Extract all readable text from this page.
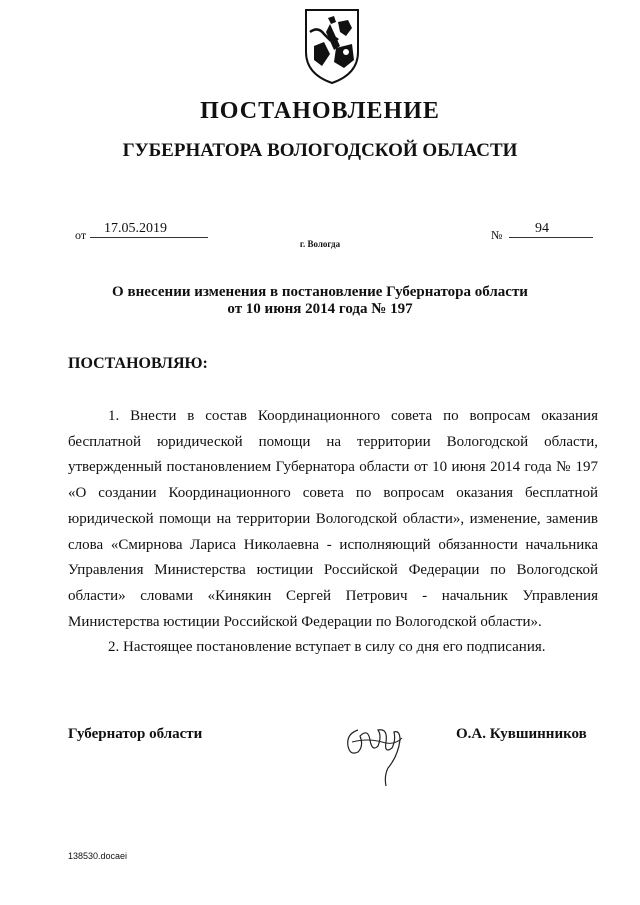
ПОСТАНОВЛЕНИЕ
ГУБЕРНАТОРА ВОЛОГОДСКОЙ ОБЛАСТИ
от	17.05.2019	№	94
г. Вологда
О внесении изменения в постановление Губернатора области
от 10 июня 2014 года № 197
ПОСТАНОВЛЯЮ:

1. Внести в состав Координационного совета по вопросам оказания бесплатной юридической помощи на территории Вологодской области, утвержденный постановлением Губернатора области от 10 июня 2014 года № 197 «О создании Координационного совета по вопросам оказания бесплатной юридической помощи на территории Вологодской области», изменение, заменив слова «Смирнова Лариса Николаевна - исполняющий обязанности начальника Управления Министерства юстиции Российской Федерации по Вологодской области» словами «Кинякин Сергей Петрович - начальник Управления Министерства юстиции Российской Федерации по Вологодской области».

2. Настоящее постановление вступает в силу со дня его подписания.

Губернатор области	О.А. Кувшинников
138530.docaei
